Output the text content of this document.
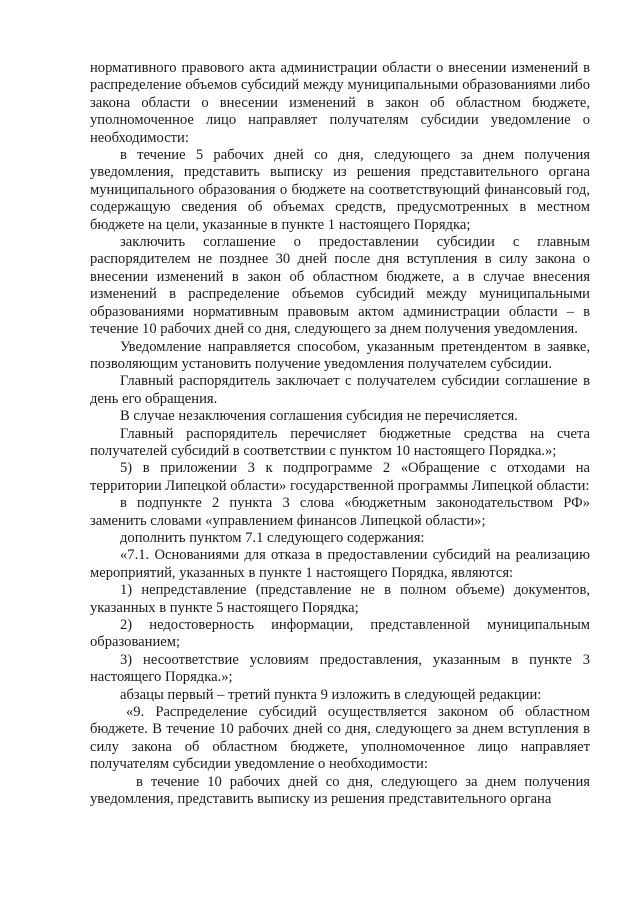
нормативного правового акта администрации области о внесении изменений в распределение объемов субсидий между муниципальными образованиями либо закона области о внесении изменений в закон об областном бюджете, уполномоченное лицо направляет получателям субсидии уведомление о необходимости:

в течение 5 рабочих дней со дня, следующего за днем получения уведомления, представить выписку из решения представительного органа муниципального образования о бюджете на соответствующий финансовый год, содержащую сведения об объемах средств, предусмотренных в местном бюджете на цели, указанные в пункте 1 настоящего Порядка;

заключить соглашение о предоставлении субсидии с главным распорядителем не позднее 30 дней после дня вступления в силу закона о внесении изменений в закон об областном бюджете, а в случае внесения изменений в распределение объемов субсидий между муниципальными образованиями нормативным правовым актом администрации области – в течение 10 рабочих дней со дня, следующего за днем получения уведомления.

Уведомление направляется способом, указанным претендентом в заявке, позволяющим установить получение уведомления получателем субсидии.

Главный распорядитель заключает с получателем субсидии соглашение в день его обращения.

В случае незаключения соглашения субсидия не перечисляется.

Главный распорядитель перечисляет бюджетные средства на счета получателей субсидий в соответствии с пунктом 10 настоящего Порядка.»;

5) в приложении 3 к подпрограмме 2 «Обращение с отходами на территории Липецкой области» государственной программы Липецкой области:

в подпункте 2 пункта 3 слова «бюджетным законодательством РФ» заменить словами «управлением финансов Липецкой области»;

дополнить пунктом 7.1 следующего содержания:

«7.1. Основаниями для отказа в предоставлении субсидий на реализацию мероприятий, указанных в пункте 1 настоящего Порядка, являются:

1) непредставление (представление не в полном объеме) документов, указанных в пункте 5 настоящего Порядка;

2) недостоверность информации, представленной муниципальным образованием;

3) несоответствие условиям предоставления, указанным в пункте 3 настоящего Порядка.»;

абзацы первый – третий пункта 9 изложить в следующей редакции:

«9. Распределение субсидий осуществляется законом об областном бюджете. В течение 10 рабочих дней со дня, следующего за днем вступления в силу закона об областном бюджете, уполномоченное лицо направляет получателям субсидии уведомление о необходимости:

в течение 10 рабочих дней со дня, следующего за днем получения уведомления, представить выписку из решения представительного органа
